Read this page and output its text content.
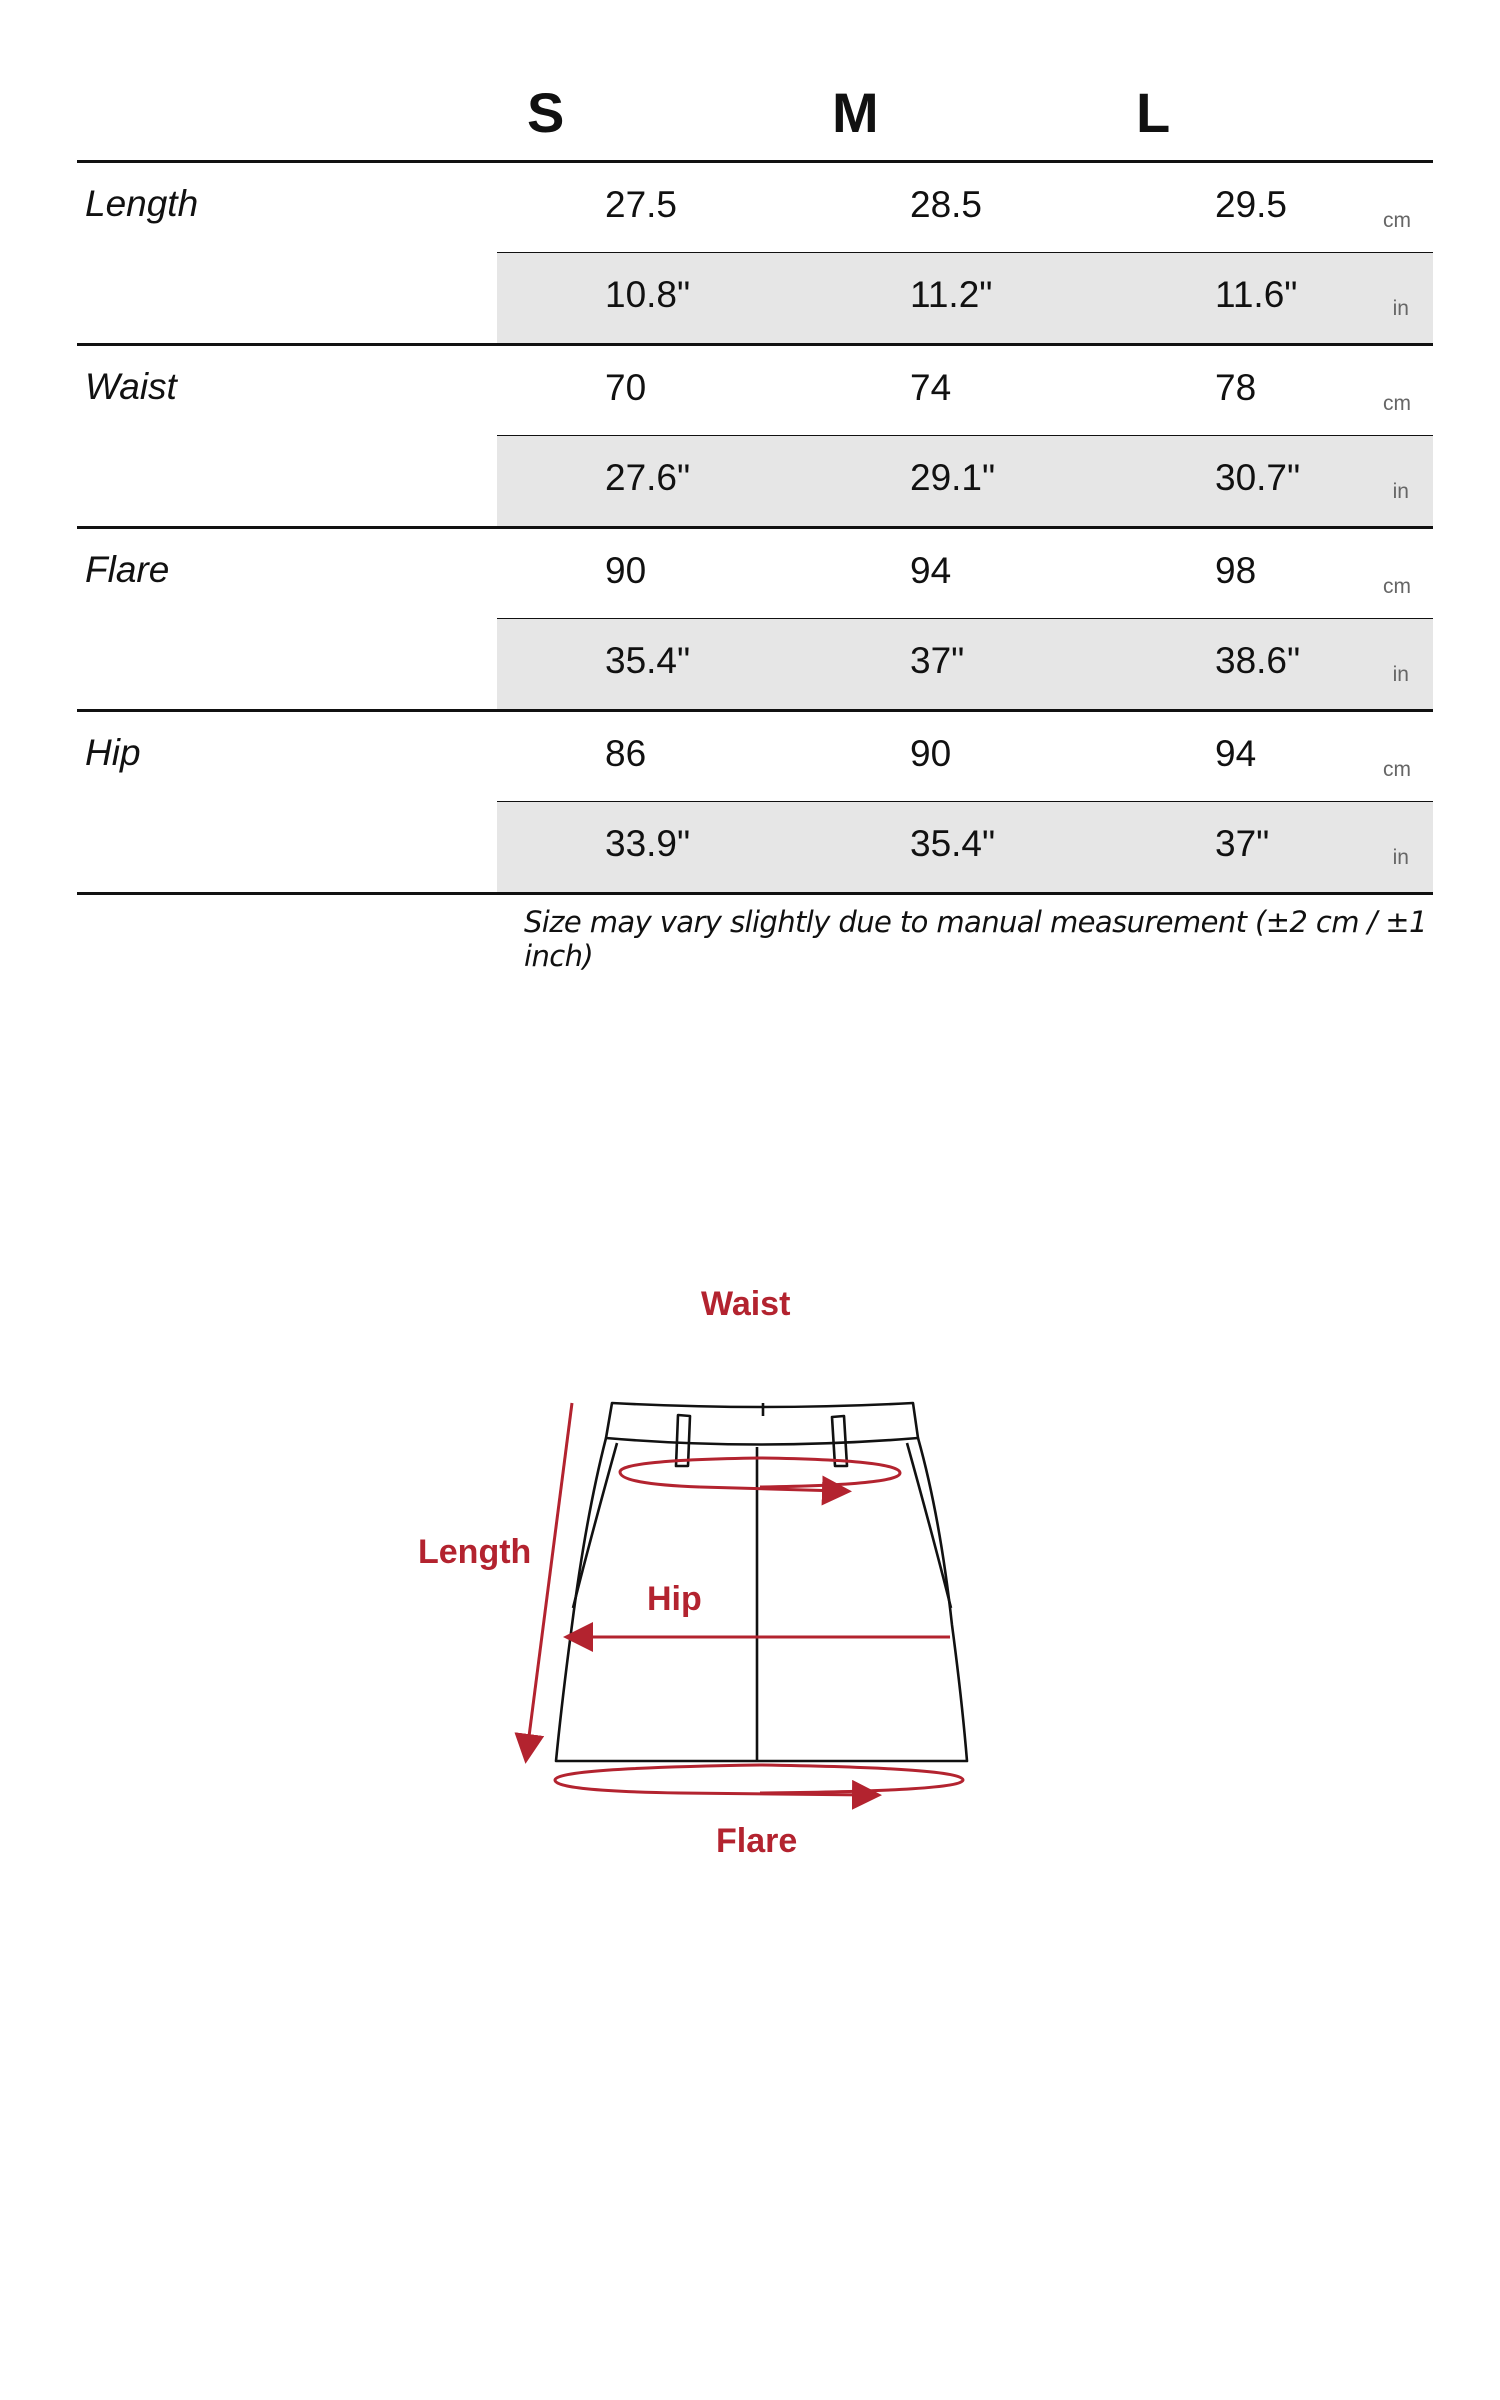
S	M	L
Length	27.5	28.5	29.5	cm
10.8"	11.2"	11.6"	in
Waist	70	74	78	cm
27.6"	29.1"	30.7"	in
Flare	90	94	98	cm
35.4"	37"	38.6"	in
Hip	86	90	94	cm
33.9"	35.4"	37"	in
Size may vary slightly due to manual measurement (±2 cm / ±1 inch)
Waist
Length
Hip
Flare
